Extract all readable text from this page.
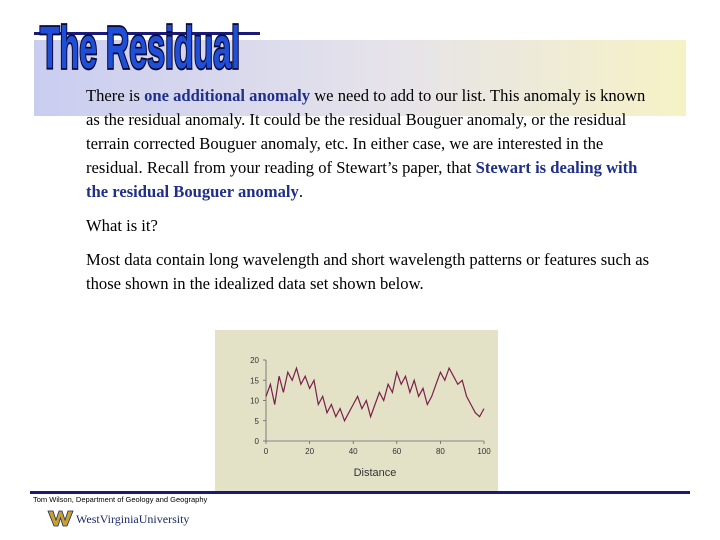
The Residual

There is one additional anomaly we need to add to our list. This anomaly is known as the residual anomaly. It could be the residual Bouguer anomaly, or the residual terrain corrected Bouguer anomaly, etc. In either case, we are interested in the residual. Recall from your reading of Stewart’s paper, that Stewart is dealing with the residual Bouguer anomaly.

What is it?

Most data contain long wavelength and short wavelength patterns or features such as those shown in the idealized data set shown below.

0	20	40	60	80	100
0
5
10
15
20
Distance
Tom Wilson, Department of Geology and Geography
WestVirginiaUniversity
